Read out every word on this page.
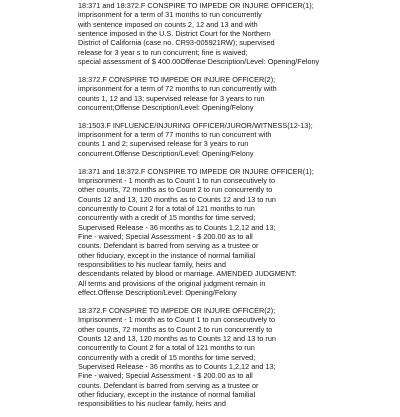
18:371 and 18:372.F CONSPIRE TO IMPEDE OR INJURE OFFICER(1);
imprisonment for a term of 31 months to run concurrently
with sentence imposed on counts 2, 12 and 13 and with
sentence imposed in the U.S. District Court for the Northern
District of California (case no. CR93-005921RW); supervised
release for 3 year s to run concurrent; fine is waived;
special assessment of $ 400.00Offense Description/Level: Opening/Felony
18:372.F CONSPIRE TO IMPEDE OR INJURE OFFICER(2);
imprisonment for a term of 72 months to run concurrently with
counts 1, 12 and 13; supervised release for 3 years to run
concurrent;Offense Description/Level: Opening/Felony
18:1503.F INFLUENCE/INJURING OFFICER/JUROR/WITNESS(12-13);
imprisonment for a term of 77 months to run concurrent with
counts 1 and 2; supervised release for 3 years to run
concurrent.Offense Description/Level: Opening/Felony
18:371 and 18:372.F CONSPIRE TO IMPEDE OR INJURE OFFICER(1);
Imprisonment - 1 month as to Count 1 to run consecutively to
other counts, 72 months as to Count 2 to run concurrently to
Counts 12 and 13, 120 months as to Counts 12 and 13 to run
concurrently to Count 2 for a total of 121 months to run
concurrently with a credit of 15 months for time served;
Supervised Release - 36 months as to Counts 1,2,12 and 13;
Fine - waived; Special Assessment - $ 200.00 as to all
counts. Defendant is barred from serving as a trustee or
other fiduciary, except in the instance of normal familial
responsibilities to his nuclear family, heirs and
descendants related by blood or marriage. AMENDED JUDGMENT:
All terms and provisions of the original judgment remain in
effect.Offense Description/Level: Opening/Felony
18:372.F CONSPIRE TO IMPEDE OR INJURE OFFICER(2);
Imprisonment - 1 month as to Count 1 to run consecutively to
other counts, 72 months as to Count 2 to run concurrently to
Counts 12 and 13, 120 months as to Counts 12 and 13 to run
concurrently to Count 2 for a total of 121 months to run
concurrently with a credit of 15 months for time served;
Supervised Release - 36 months as to Counts 1,2,12 and 13;
Fine - waived; Special Assessment - $ 200.00 as to all
counts. Defendant is barred from serving as a trustee or
other fiduciary, except in the instance of normal familial
responsibilities to his nuclear family, heirs and
